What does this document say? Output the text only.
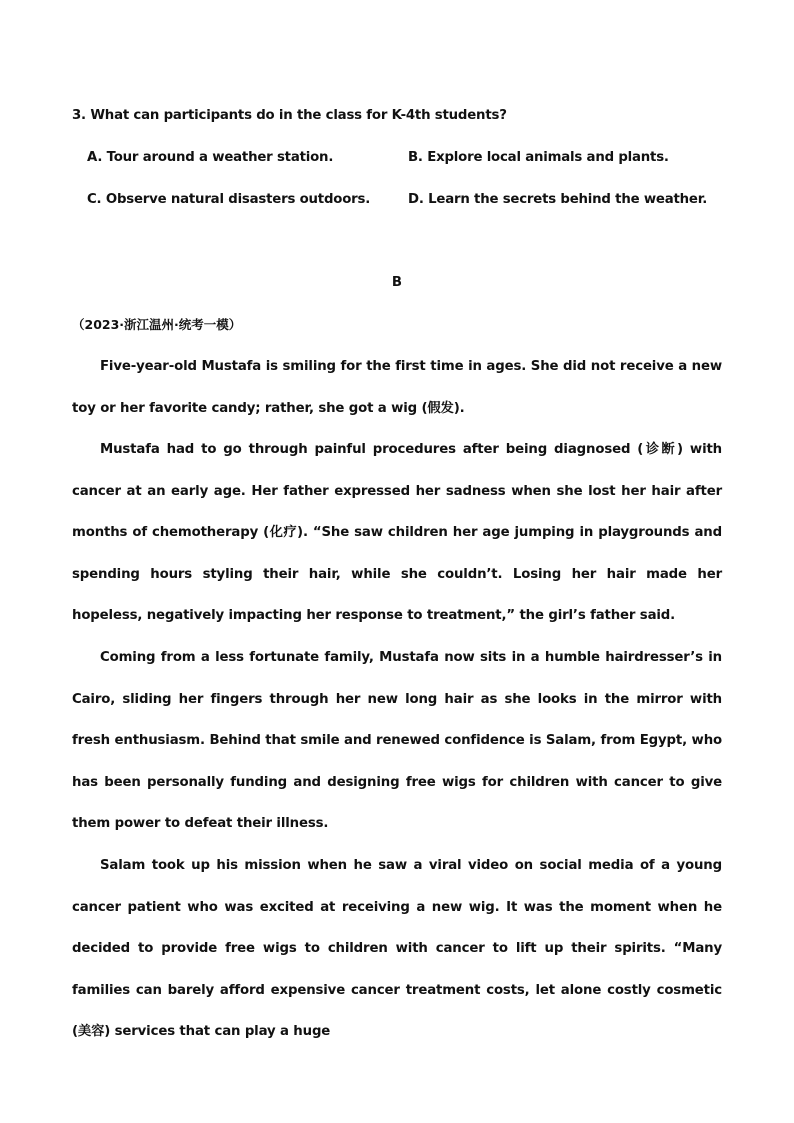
3. What can participants do in the class for K-4th students?
A. Tour around a weather station.	B. Explore local animals and plants.
C. Observe natural disasters outdoors.	D. Learn the secrets behind the weather.
B
（2023·浙江温州·统考一模）

Five-year-old Mustafa is smiling for the first time in ages. She did not receive a new toy or her favorite candy; rather, she got a wig (假发).

Mustafa had to go through painful procedures after being diagnosed (诊断) with cancer at an early age. Her father expressed her sadness when she lost her hair after months of chemotherapy (化疗). “She saw children her age jumping in playgrounds and spending hours styling their hair, while she couldn’t. Losing her hair made her hopeless, negatively impacting her response to treatment,” the girl’s father said.

Coming from a less fortunate family, Mustafa now sits in a humble hairdresser’s in Cairo, sliding her fingers through her new long hair as she looks in the mirror with fresh enthusiasm. Behind that smile and renewed confidence is Salam, from Egypt, who has been personally funding and designing free wigs for children with cancer to give them power to defeat their illness.

Salam took up his mission when he saw a viral video on social media of a young cancer patient who was excited at receiving a new wig. It was the moment when he decided to provide free wigs to children with cancer to lift up their spirits. “Many families can barely afford expensive cancer treatment costs, let alone costly cosmetic (美容) services that can play a huge
